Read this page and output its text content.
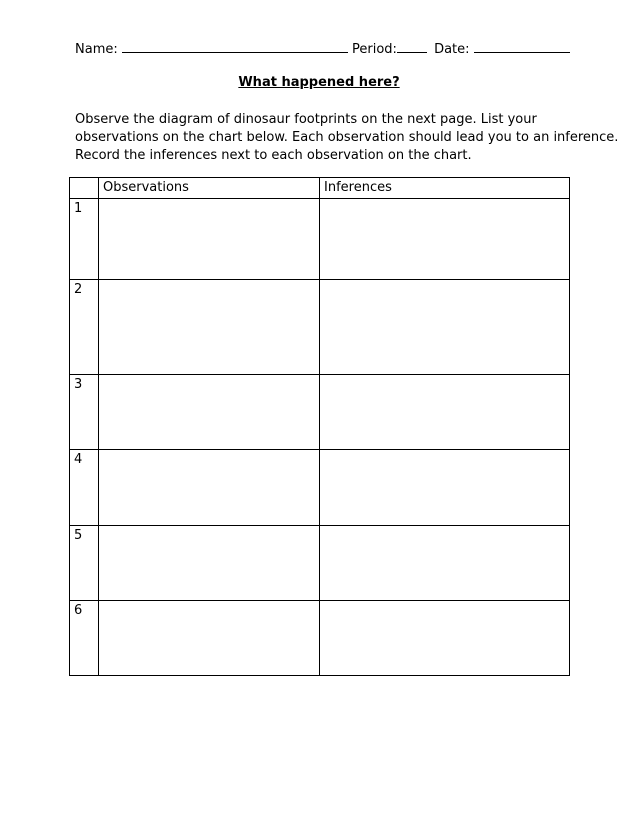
Name:	Period:	Date:
What happened here?
Observe the diagram of dinosaur footprints on the next page. List your
observations on the chart below. Each observation should lead you to an inference.
Record the inferences next to each observation on the chart.
	Observations	Inferences
1		
2		
3		
4		
5		
6		
